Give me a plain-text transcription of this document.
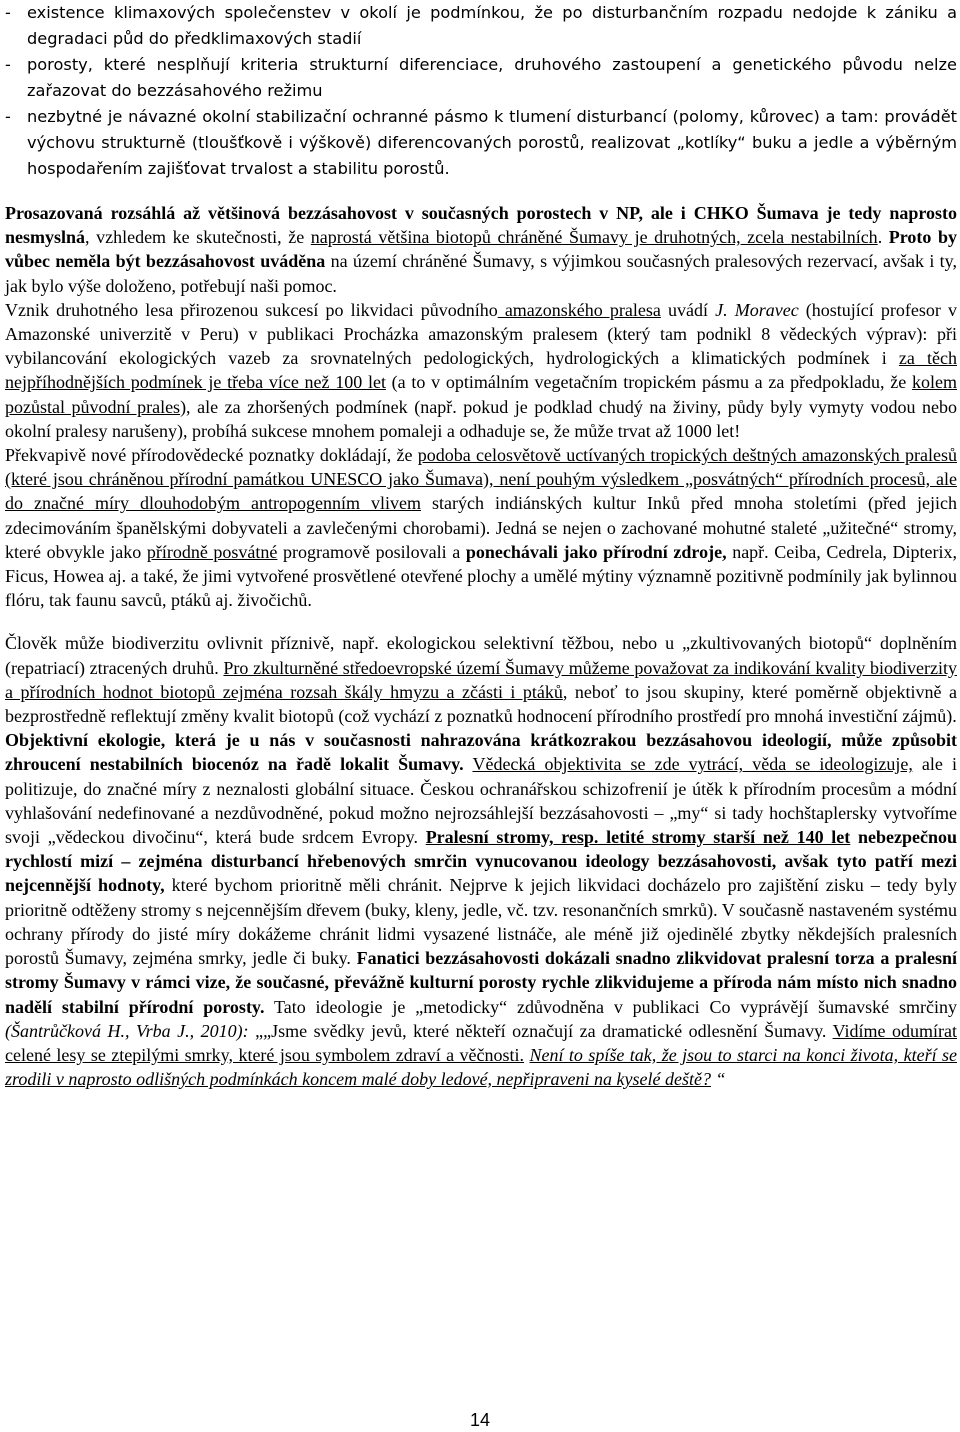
- existence klimaxových společenstev v okolí je podmínkou, že po disturbančním rozpadu nedojde k zániku a degradaci půd do předklimaxových stadií

- porosty, které nesplňují kriteria strukturní diferenciace, druhového zastoupení a genetického původu nelze zařazovat do bezzásahového režimu

- nezbytné je návazné okolní stabilizační ochranné pásmo k tlumení disturbancí (polomy, kůrovec) a tam: provádět výchovu strukturně (tloušťkově i výškově) diferencovaných porostů, realizovat „kotlíky“ buku a jedle a výběrným hospodařením zajišťovat trvalost a stabilitu porostů.

Prosazovaná rozsáhlá až většinová bezzásahovost v současných porostech v NP, ale i CHKO Šumava je tedy naprosto nesmyslná, vzhledem ke skutečnosti, že naprostá většina biotopů chráněné Šumavy je druhotných, zcela nestabilních. Proto by vůbec neměla být bezzásahovost uváděna na území chráněné Šumavy, s výjimkou současných pralesových rezervací, avšak i ty, jak bylo výše doloženo, potřebují naši pomoc.

Vznik druhotného lesa přirozenou sukcesí po likvidaci původního amazonského pralesa uvádí J. Moravec (hostující profesor v Amazonské univerzitě v Peru) v publikaci Procházka amazonským pralesem (který tam podnikl 8 vědeckých výprav): při vybilancování ekologických vazeb za srovnatelných pedologických, hydrologických a klimatických podmínek i za těch nejpříhodnějších podmínek je třeba více než 100 let (a to v optimálním vegetačním tropickém pásmu a za předpokladu, že kolem pozůstal původní prales), ale za zhoršených podmínek (např. pokud je podklad chudý na živiny, půdy byly vymyty vodou nebo okolní pralesy narušeny), probíhá sukcese mnohem pomaleji a odhaduje se, že může trvat až 1000 let!

Překvapivě nové přírodovědecké poznatky dokládají, že podoba celosvětově uctívaných tropických deštných amazonských pralesů (které jsou chráněnou přírodní památkou UNESCO jako Šumava), není pouhým výsledkem „posvátných“ přírodních procesů, ale do značné míry dlouhodobým antropogenním vlivem starých indiánských kultur Inků před mnoha stoletími (před jejich zdecimováním španělskými dobyvateli a zavlečenými chorobami). Jedná se nejen o zachované mohutné staleté „užitečné“ stromy, které obvykle jako přírodně posvátné programově posilovali a ponechávali jako přírodní zdroje, např. Ceiba, Cedrela, Dipterix, Ficus, Howea aj. a také, že jimi vytvořené prosvětlené otevřené plochy a umělé mýtiny významně pozitivně podmínily jak bylinnou flóru, tak faunu savců, ptáků aj. živočichů.

Člověk může biodiverzitu ovlivnit příznivě, např. ekologickou selektivní těžbou, nebo u „zkultivovaných biotopů“ doplněním (repatriací) ztracených druhů. Pro zkulturněné středoevropské území Šumavy můžeme považovat za indikování kvality biodiverzity a přírodních hodnot biotopů zejména rozsah škály hmyzu a zčásti i ptáků, neboť to jsou skupiny, které poměrně objektivně a bezprostředně reflektují změny kvalit biotopů (což vychází z poznatků hodnocení přírodního prostředí pro mnohá investiční zájmů).

Objektivní ekologie, která je u nás v současnosti nahrazována krátkozrakou bezzásahovou ideologií, může způsobit zhroucení nestabilních biocenóz na řadě lokalit Šumavy. Vědecká objektivita se zde vytrácí, věda se ideologizuje, ale i politizuje, do značné míry z neznalosti globální situace. Českou ochranářskou schizofrenií je útěk k přírodním procesům a módní vyhlašování nedefinované a nezdůvodněné, pokud možno nejrozsáhlejší bezzásahovosti – „my“ si tady hochštaplersky vytvoříme svoji „vědeckou divočinu“, která bude srdcem Evropy. Pralesní stromy, resp. letité stromy starší než 140 let nebezpečnou rychlostí mizí – zejména disturbancí hřebenových smrčin vynucovanou ideology bezzásahovosti, avšak tyto patří mezi nejcennější hodnoty, které bychom prioritně měli chránit. Nejprve k jejich likvidaci docházelo pro zajištění zisku – tedy byly prioritně odtěženy stromy s nejcennějším dřevem (buky, kleny, jedle, vč. tzv. resonančních smrků). V současně nastaveném systému ochrany přírody do jisté míry dokážeme chránit lidmi vysazené listnáče, ale méně již ojedinělé zbytky někdejších pralesních porostů Šumavy, zejména smrky, jedle či buky. Fanatici bezzásahovosti dokázali snadno zlikvidovat pralesní torza a pralesní stromy Šumavy v rámci vize, že současné, převážně kulturní porosty rychle zlikvidujeme a příroda nám místo nich snadno nadělí stabilní přírodní porosty. Tato ideologie je „metodicky“ zdůvodněna v publikaci Co vyprávějí šumavské smrčiny (Šantrůčková H., Vrba J., 2010): „„Jsme svědky jevů, které někteří označují za dramatické odlesnění Šumavy. Vidíme odumírat celené lesy se ztepilými smrky, které jsou symbolem zdraví a věčnosti. Není to spíše tak, že jsou to starci na konci života, kteří se zrodili v naprosto odlišných podmínkách koncem malé doby ledové, nepřipraveni na kyselé deště? “

14
